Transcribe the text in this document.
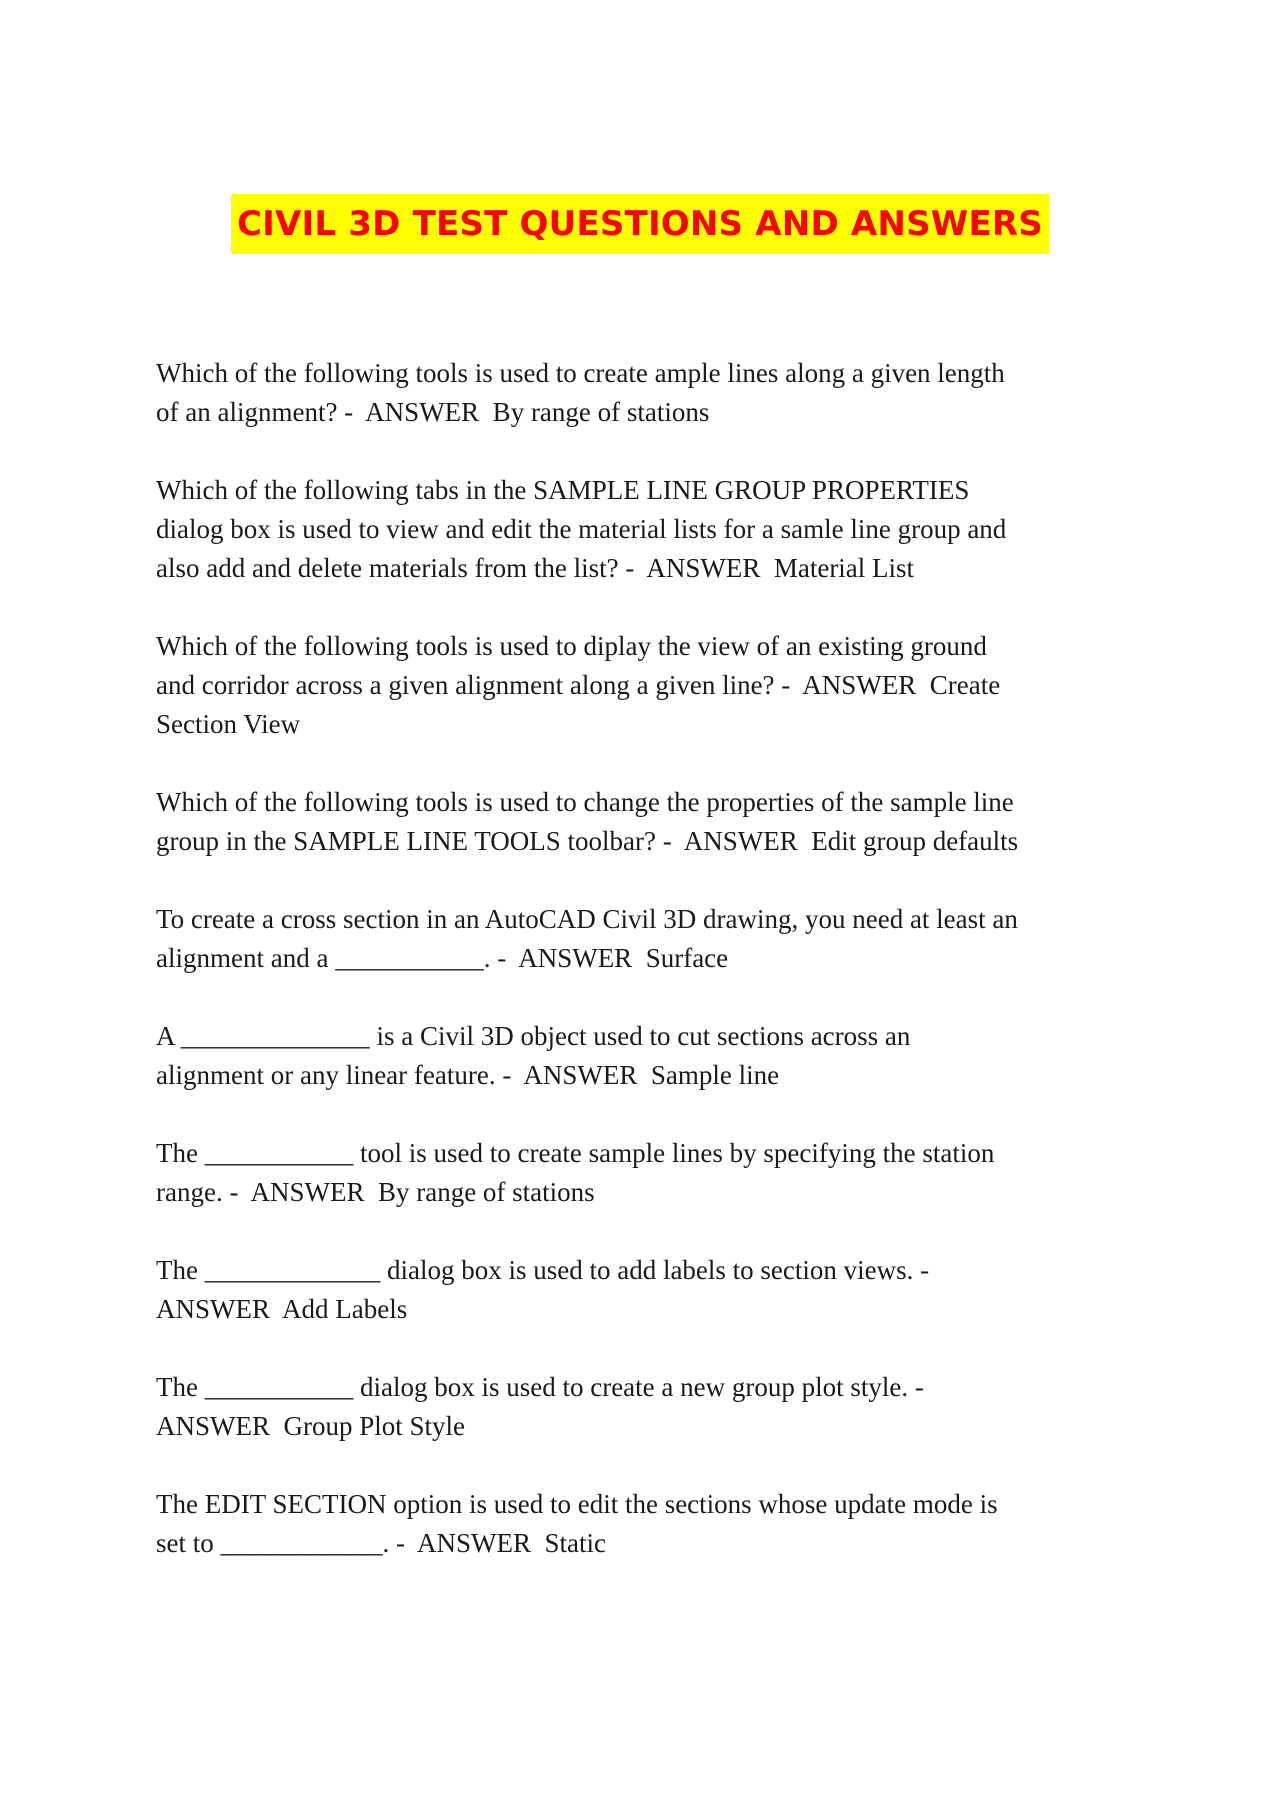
CIVIL 3D TEST QUESTIONS AND ANSWERS

Which of the following tools is used to create ample lines along a given length
of an alignment? -  ANSWER  By range of stations

Which of the following tabs in the SAMPLE LINE GROUP PROPERTIES
dialog box is used to view and edit the material lists for a samle line group and
also add and delete materials from the list? -  ANSWER  Material List

Which of the following tools is used to diplay the view of an existing ground
and corridor across a given alignment along a given line? -  ANSWER  Create
Section View

Which of the following tools is used to change the properties of the sample line
group in the SAMPLE LINE TOOLS toolbar? -  ANSWER  Edit group defaults

To create a cross section in an AutoCAD Civil 3D drawing, you need at least an
alignment and a ___________. -  ANSWER  Surface

A ______________ is a Civil 3D object used to cut sections across an
alignment or any linear feature. -  ANSWER  Sample line

The ___________ tool is used to create sample lines by specifying the station
range. -  ANSWER  By range of stations

The _____________ dialog box is used to add labels to section views. -
ANSWER  Add Labels

The ___________ dialog box is used to create a new group plot style. -
ANSWER  Group Plot Style

The EDIT SECTION option is used to edit the sections whose update mode is
set to ____________. -  ANSWER  Static
